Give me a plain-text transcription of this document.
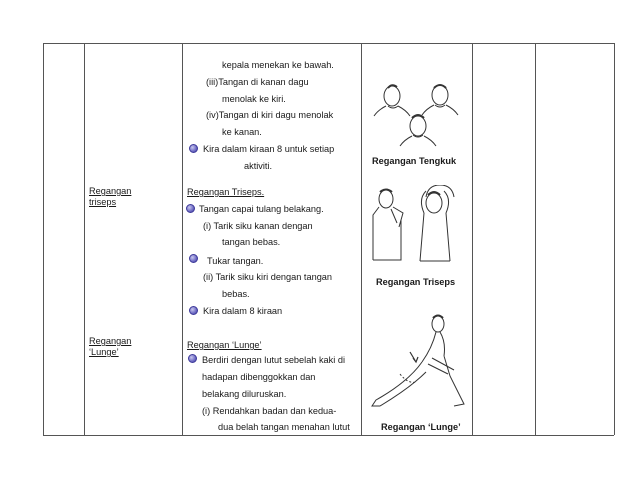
Regangan
triseps
Regangan
‘Lunge’
kepala menekan ke bawah.
(iii)Tangan di kanan dagu
menolak ke kiri.
(iv)Tangan di kiri dagu menolak
ke kanan.
Kira dalam kiraan 8 untuk setiap
aktiviti.
Regangan Triseps.
Tangan capai tulang belakang.
(i) Tarik siku kanan dengan
tangan bebas.
Tukar tangan.
(ii) Tarik siku kiri dengan tangan
bebas.
Kira dalam 8 kiraan
Regangan ‘Lunge’
Berdiri dengan lutut sebelah kaki di
hadapan dibenggokkan dan
belakang diluruskan.
(i) Rendahkan badan dan kedua-
dua belah tangan menahan lutut
Regangan Tengkuk
Regangan Triseps
Regangan ‘Lunge’
